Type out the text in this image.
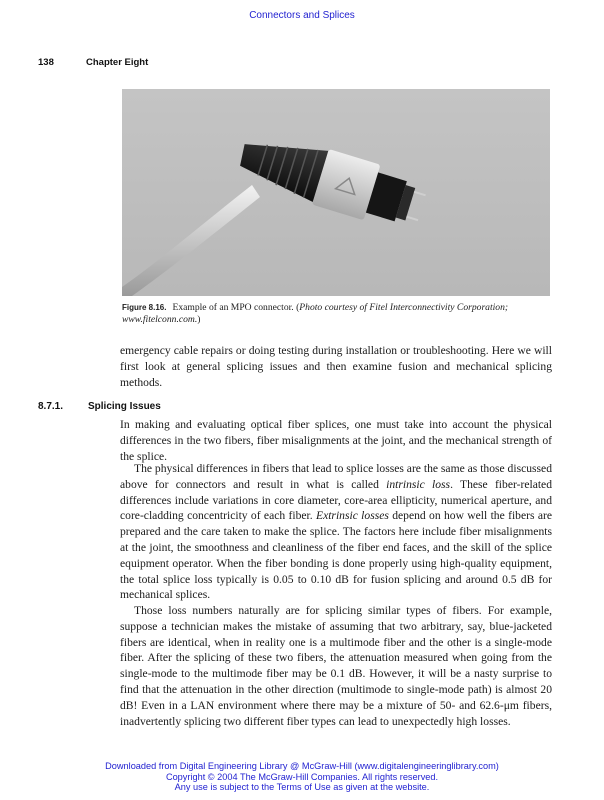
Connectors and Splices
138	Chapter Eight
Figure 8.16. Example of an MPO connector. (Photo courtesy of Fitel Interconnectivity Corporation; www.fitelconn.com.)

emergency cable repairs or doing testing during installation or troubleshooting. Here we will first look at general splicing issues and then examine fusion and mechanical splicing methods.

8.7.1. Splicing Issues

In making and evaluating optical fiber splices, one must take into account the physical differences in the two fibers, fiber misalignments at the joint, and the mechanical strength of the splice.

The physical differences in fibers that lead to splice losses are the same as those discussed above for connectors and result in what is called intrinsic loss. These fiber-related differences include variations in core diameter, core-area ellipticity, numerical aperture, and core-cladding concentricity of each fiber. Extrinsic losses depend on how well the fibers are prepared and the care taken to make the splice. The factors here include fiber misalignments at the joint, the smoothness and cleanliness of the fiber end faces, and the skill of the splice equipment operator. When the fiber bonding is done properly using high-quality equipment, the total splice loss typically is 0.05 to 0.10 dB for fusion splicing and around 0.5 dB for mechanical splices.

Those loss numbers naturally are for splicing similar types of fibers. For example, suppose a technician makes the mistake of assuming that two arbitrary, say, blue-jacketed fibers are identical, when in reality one is a multimode fiber and the other is a single-mode fiber. After the splicing of these two fibers, the attenuation measured when going from the single-mode to the multimode fiber may be 0.1 dB. However, it will be a nasty surprise to find that the attenuation in the other direction (multimode to single-mode path) is almost 20 dB! Even in a LAN environment where there may be a mixture of 50- and 62.6-μm fibers, inadvertently splicing two different fiber types can lead to unexpectedly high losses.

Downloaded from Digital Engineering Library @ McGraw-Hill (www.digitalengineeringlibrary.com)
Copyright © 2004 The McGraw-Hill Companies. All rights reserved.
Any use is subject to the Terms of Use as given at the website.
